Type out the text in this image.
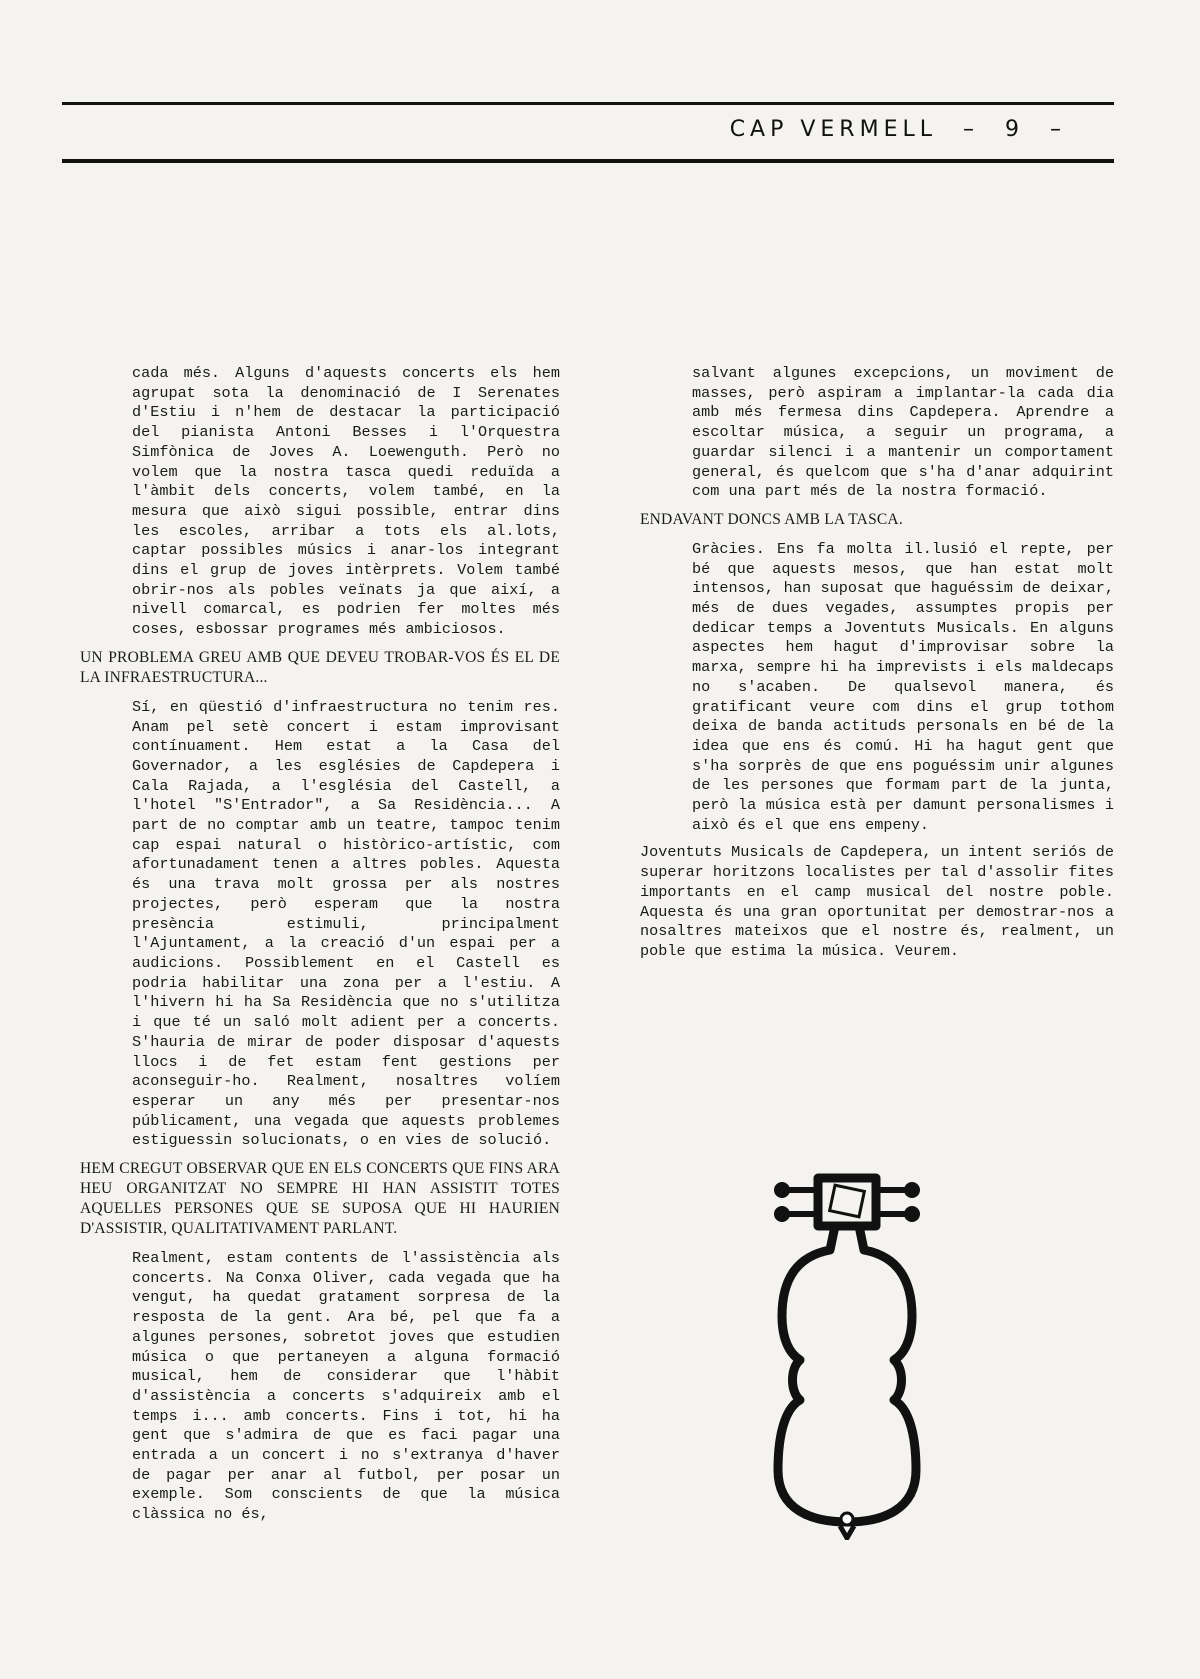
CAP VERMELL – 9 –

cada més. Alguns d'aquests concerts els hem agrupat sota la denominació de I Serenates d'Estiu i n'hem de destacar la participació del pianista Antoni Besses i l'Orquestra Simfònica de Joves A. Loewenguth. Però no volem que la nostra tasca quedi reduïda a l'àmbit dels concerts, volem també, en la mesura que això sigui possible, entrar dins les escoles, arribar a tots els al.lots, captar possibles músics i anar-los integrant dins el grup de joves intèrprets. Volem també obrir-nos als pobles veïnats ja que així, a nivell comarcal, es podrien fer moltes més coses, esbossar programes més ambiciosos.

UN PROBLEMA GREU AMB QUE DEVEU TROBAR-VOS ÉS EL DE LA INFRAESTRUCTURA...

Sí, en qüestió d'infraestructura no tenim res. Anam pel setè concert i estam improvisant contínuament. Hem estat a la Casa del Governador, a les esglésies de Capdepera i Cala Rajada, a l'església del Castell, a l'hotel "S'Entrador", a Sa Residència... A part de no comptar amb un teatre, tampoc tenim cap espai natural o històrico-artístic, com afortunadament tenen a altres pobles. Aquesta és una trava molt grossa per als nostres projectes, però esperam que la nostra presència estimuli, principalment l'Ajuntament, a la creació d'un espai per a audicions. Possiblement en el Castell es podria habilitar una zona per a l'estiu. A l'hivern hi ha Sa Residència que no s'utilitza i que té un saló molt adient per a concerts. S'hauria de mirar de poder disposar d'aquests llocs i de fet estam fent gestions per aconseguir-ho. Realment, nosaltres volíem esperar un any més per presentar-nos públicament, una vegada que aquests problemes estiguessin solucionats, o en vies de solució.

HEM CREGUT OBSERVAR QUE EN ELS CONCERTS QUE FINS ARA HEU ORGANITZAT NO SEMPRE HI HAN ASSISTIT TOTES AQUELLES PERSONES QUE SE SUPOSA QUE HI HAURIEN D'ASSISTIR, QUALITATIVAMENT PARLANT.

Realment, estam contents de l'assistència als concerts. Na Conxa Oliver, cada vegada que ha vengut, ha quedat gratament sorpresa de la resposta de la gent. Ara bé, pel que fa a algunes persones, sobretot joves que estudien música o que pertaneyen a alguna formació musical, hem de considerar que l'hàbit d'assistència a concerts s'adquireix amb el temps i... amb concerts. Fins i tot, hi ha gent que s'admira de que es faci pagar una entrada a un concert i no s'extranya d'haver de pagar per anar al futbol, per posar un exemple. Som conscients de que la música clàssica no és,

salvant algunes excepcions, un moviment de masses, però aspiram a implantar-la cada dia amb més fermesa dins Capdepera. Aprendre a escoltar música, a seguir un programa, a guardar silenci i a mantenir un comportament general, és quelcom que s'ha d'anar adquirint com una part més de la nostra formació.

ENDAVANT DONCS AMB LA TASCA.

Gràcies. Ens fa molta il.lusió el repte, per bé que aquests mesos, que han estat molt intensos, han suposat que haguéssim de deixar, més de dues vegades, assumptes propis per dedicar temps a Joventuts Musicals. En alguns aspectes hem hagut d'improvisar sobre la marxa, sempre hi ha imprevists i els maldecaps no s'acaben. De qualsevol manera, és gratificant veure com dins el grup tothom deixa de banda actituds personals en bé de la idea que ens és comú. Hi ha hagut gent que s'ha sorprès de que ens poguéssim unir algunes de les persones que formam part de la junta, però la música està per damunt personalismes i això és el que ens empeny.

Joventuts Musicals de Capdepera, un intent seriós de superar horitzons localistes per tal d'assolir fites importants en el camp musical del nostre poble. Aquesta és una gran oportunitat per demostrar-nos a nosaltres mateixos que el nostre és, realment, un poble que estima la música. Veurem.
